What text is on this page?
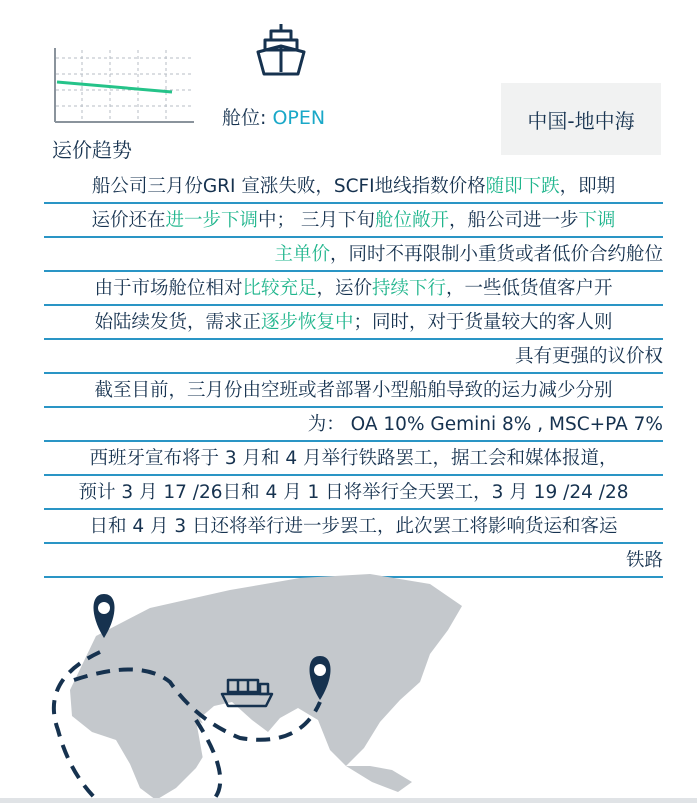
舱位: OPEN	中国-地中海
运价趋势
船公司三月份GRI 宣涨失败，SCFI地线指数价格随即下跌，即期
运价还在进一步下调中； 三月下旬舱位敞开，船公司进一步下调
主单价，同时不再限制小重货或者低价合约舱位
由于市场舱位相对比较充足，运价持续下行，一些低货值客户开
始陆续发货，需求正逐步恢复中；同时，对于货量较大的客人则
具有更强的议价权
截至目前，三月份由空班或者部署小型船舶导致的运力减少分别
为： OA 10% Gemini 8% , MSC+PA 7%
西班牙宣布将于 3 月和 4 月举行铁路罢工，据工会和媒体报道，
预计 3 月 17 /26日和 4 月 1 日将举行全天罢工，3 月 19 /24 /28
日和 4 月 3 日还将举行进一步罢工，此次罢工将影响货运和客运
铁路
